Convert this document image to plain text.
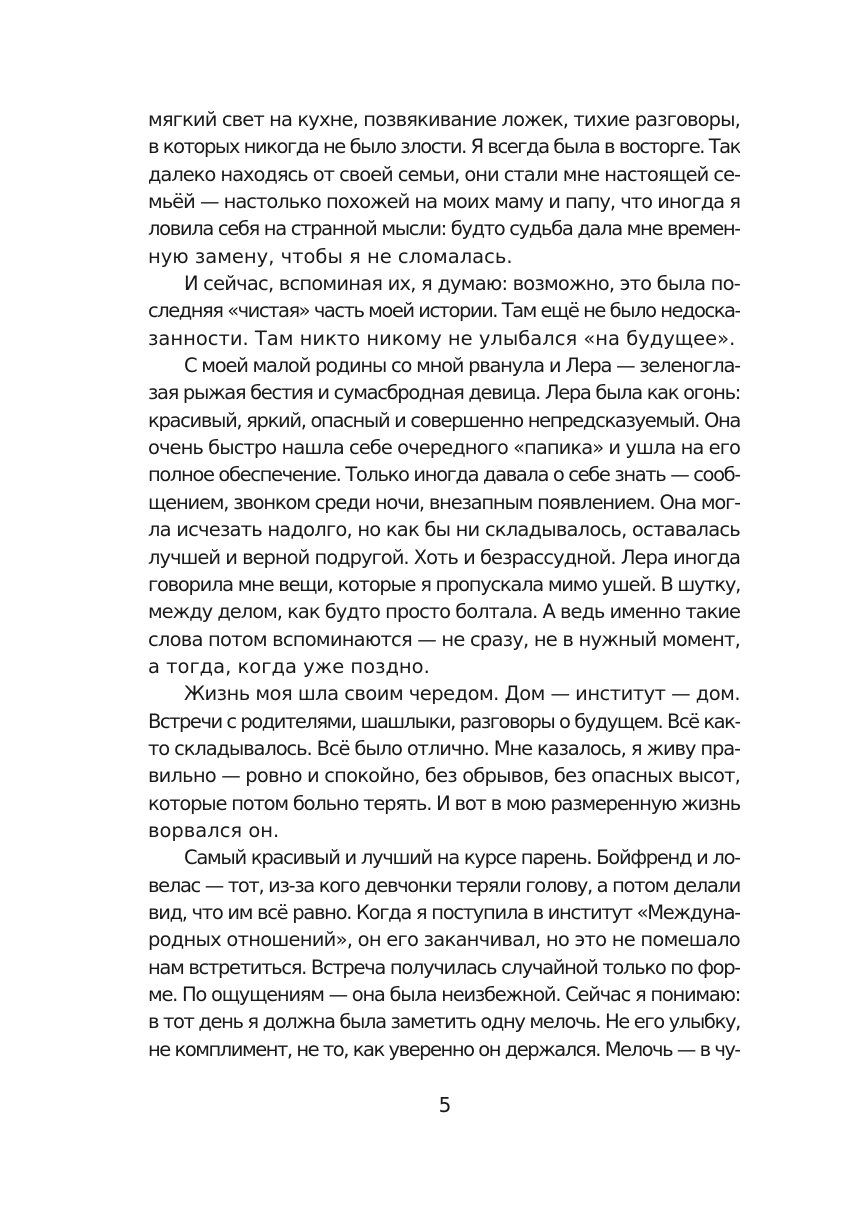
мягкий свет на кухне, позвякивание ложек, тихие разговоры,
в которых никогда не было злости. Я всегда была в восторге. Так
далеко находясь от своей семьи, они стали мне настоящей се-
мьёй — настолько похожей на моих маму и папу, что иногда я
ловила себя на странной мысли: будто судьба дала мне времен-
ную замену, чтобы я не сломалась.
И сейчас, вспоминая их, я думаю: возможно, это была по-
следняя «чистая» часть моей истории. Там ещё не было недоска-
занности. Там никто никому не улыбался «на будущее».
С моей малой родины со мной рванула и Лера — зеленогла-
зая рыжая бестия и сумасбродная девица. Лера была как огонь:
красивый, яркий, опасный и совершенно непредсказуемый. Она
очень быстро нашла себе очередного «папика» и ушла на его
полное обеспечение. Только иногда давала о себе знать — сооб-
щением, звонком среди ночи, внезапным появлением. Она мог-
ла исчезать надолго, но как бы ни складывалось, оставалась
лучшей и верной подругой. Хоть и безрассудной. Лера иногда
говорила мне вещи, которые я пропускала мимо ушей. В шутку,
между делом, как будто просто болтала. А ведь именно такие
слова потом вспоминаются — не сразу, не в нужный момент,
а тогда, когда уже поздно.
Жизнь моя шла своим чередом. Дом — институт — дом.
Встречи с родителями, шашлыки, разговоры о будущем. Всё как-
то складывалось. Всё было отлично. Мне казалось, я живу пра-
вильно — ровно и спокойно, без обрывов, без опасных высот,
которые потом больно терять. И вот в мою размеренную жизнь
ворвался он.
Самый красивый и лучший на курсе парень. Бойфренд и ло-
велас — тот, из-за кого девчонки теряли голову, а потом делали
вид, что им всё равно. Когда я поступила в институт «Междуна-
родных отношений», он его заканчивал, но это не помешало
нам встретиться. Встреча получилась случайной только по фор-
ме. По ощущениям — она была неизбежной. Сейчас я понимаю:
в тот день я должна была заметить одну мелочь. Не его улыбку,
не комплимент, не то, как уверенно он держался. Мелочь — в чу-
5
